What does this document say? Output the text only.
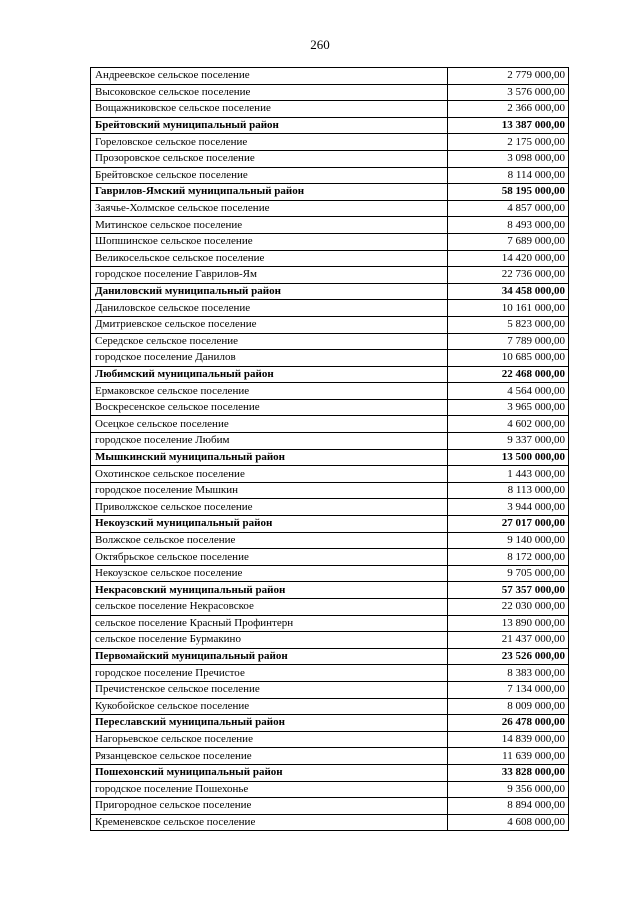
260
Андреевское сельское поселение	2 779 000,00
Высоковское сельское поселение	3 576 000,00
Вощажниковское сельское поселение	2 366 000,00
Брейтовский муниципальный район	13 387 000,00
Гореловское сельское поселение	2 175 000,00
Прозоровское сельское поселение	3 098 000,00
Брейтовское сельское поселение	8 114 000,00
Гаврилов-Ямский муниципальный район	58 195 000,00
Заячье-Холмское сельское поселение	4 857 000,00
Митинское сельское поселение	8 493 000,00
Шопшинское сельское поселение	7 689 000,00
Великосельское сельское поселение	14 420 000,00
городское поселение Гаврилов-Ям	22 736 000,00
Даниловский муниципальный район	34 458 000,00
Даниловское сельское поселение	10 161 000,00
Дмитриевское сельское поселение	5 823 000,00
Середское сельское поселение	7 789 000,00
городское поселение Данилов	10 685 000,00
Любимский муниципальный район	22 468 000,00
Ермаковское сельское поселение	4 564 000,00
Воскресенское сельское поселение	3 965 000,00
Осецкое сельское поселение	4 602 000,00
городское поселение Любим	9 337 000,00
Мышкинский муниципальный район	13 500 000,00
Охотинское сельское поселение	1 443 000,00
городское поселение Мышкин	8 113 000,00
Приволжское сельское поселение	3 944 000,00
Некоузский муниципальный район	27 017 000,00
Волжское сельское поселение	9 140 000,00
Октябрьское сельское поселение	8 172 000,00
Некоузское сельское поселение	9 705 000,00
Некрасовский муниципальный район	57 357 000,00
сельское поселение Некрасовское	22 030 000,00
сельское поселение Красный Профинтерн	13 890 000,00
сельское поселение Бурмакино	21 437 000,00
Первомайский муниципальный район	23 526 000,00
городское поселение Пречистое	8 383 000,00
Пречистенское сельское поселение	7 134 000,00
Кукобойское сельское поселение	8 009 000,00
Переславский муниципальный район	26 478 000,00
Нагорьевское сельское поселение	14 839 000,00
Рязанцевское сельское поселение	11 639 000,00
Пошехонский муниципальный район	33 828 000,00
городское поселение Пошехонье	9 356 000,00
Пригородное сельское поселение	8 894 000,00
Кременевское сельское поселение	4 608 000,00
